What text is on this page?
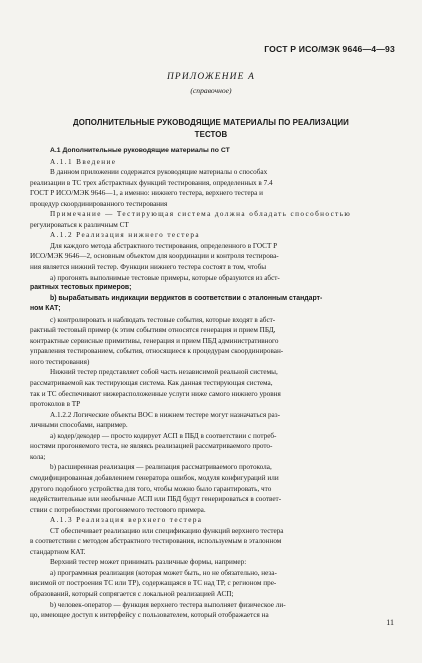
ГОСТ Р ИСО/МЭК 9646—4—93
ПРИЛОЖЕНИЕ А
(справочное)
ДОПОЛНИТЕЛЬНЫЕ РУКОВОДЯЩИЕ МАТЕРИАЛЫ ПО РЕАЛИЗАЦИИ
ТЕСТОВ
A.1 Дополнительные руководящие материалы по СТ
A.1.1 Введение
В данном приложении содержатся руководящие материалы о способах
реализации в ТС трех абстрактных функций тестирования, определенных в 7.4
ГОСТ Р ИСО/МЭК 9646—1, а именно: нижнего тестера, верхнего тестера и
процедур скоординированного тестирования
Примечание — Тестирующая система должна обладать способностью
регулироваться к различным СТ
A.1.2 Реализация нижнего тестера
Для каждого метода абстрактного тестирования, определенного в ГОСТ Р
ИСО/МЭК 9646—2, основным объектом для координации и контроля тестирова-
ния является нижний тестер. Функции нижнего тестера состоят в том, чтобы
а) прогонять выполнимые тестовые примеры, которые образуются из абст-
рактных тестовых примеров;
b) вырабатывать индикации вердиктов в соответствии с эталонным стандарт-
ном КАТ;
с) контролировать и наблюдать тестовые события, которые входят в абст-
рактный тестовый пример (к этим событиям относятся генерация и прием ПБД,
контрактные сервисные примитивы, генерация и прием ПБД административного
управления тестированием, события, относящиеся к процедурам скоординирован-
ного тестирования)
Нижний тестер представляет собой часть независимой реальной системы,
рассматриваемой как тестирующая система. Как данная тестирующая система,
так и ТС обеспечивают нижерасположенные услуги ниже самого нижнего уровня
протоколов в ТР
A.1.2.2 Логические объекты ВОС в нижнем тестере могут назначаться раз-
личными способами, например.
а) кодер/декодер — просто кодирует АСП в ПБД в соответствии с потреб-
ностями прогоняемого теста, не являясь реализацией рассматриваемого прото-
кола;
b) расширенная реализация — реализация рассматриваемого протокола,
смодифицированная добавлением генератора ошибок, модуля конфигураций или
другого подобного устройства для того, чтобы можно было гарантировать, что
недействительные или необычные АСП или ПБД будут генерироваться в соответ-
ствии с потребностями прогоняемого тестового примера.
A.1.3 Реализация верхнего тестера
СТ обеспечивает реализацию или спецификацию функций верхнего тестера
в соответствии с методом абстрактного тестирования, используемым в эталонном
стандартном КАТ.
Верхний тестер может принимать различные формы, например:
а) программная реализация (которая может быть, но не обязательно, неза-
висимой от построения ТС или ТР), содержащаяся в ТС над ТР, с регионом пре-
образований, который сопрягается с локальной реализацией АСП;
b) человек-оператор — функция верхнего тестера выполняет физическое ли-
цо, имеющее доступ к интерфейсу с пользователем, который отображается на
11
